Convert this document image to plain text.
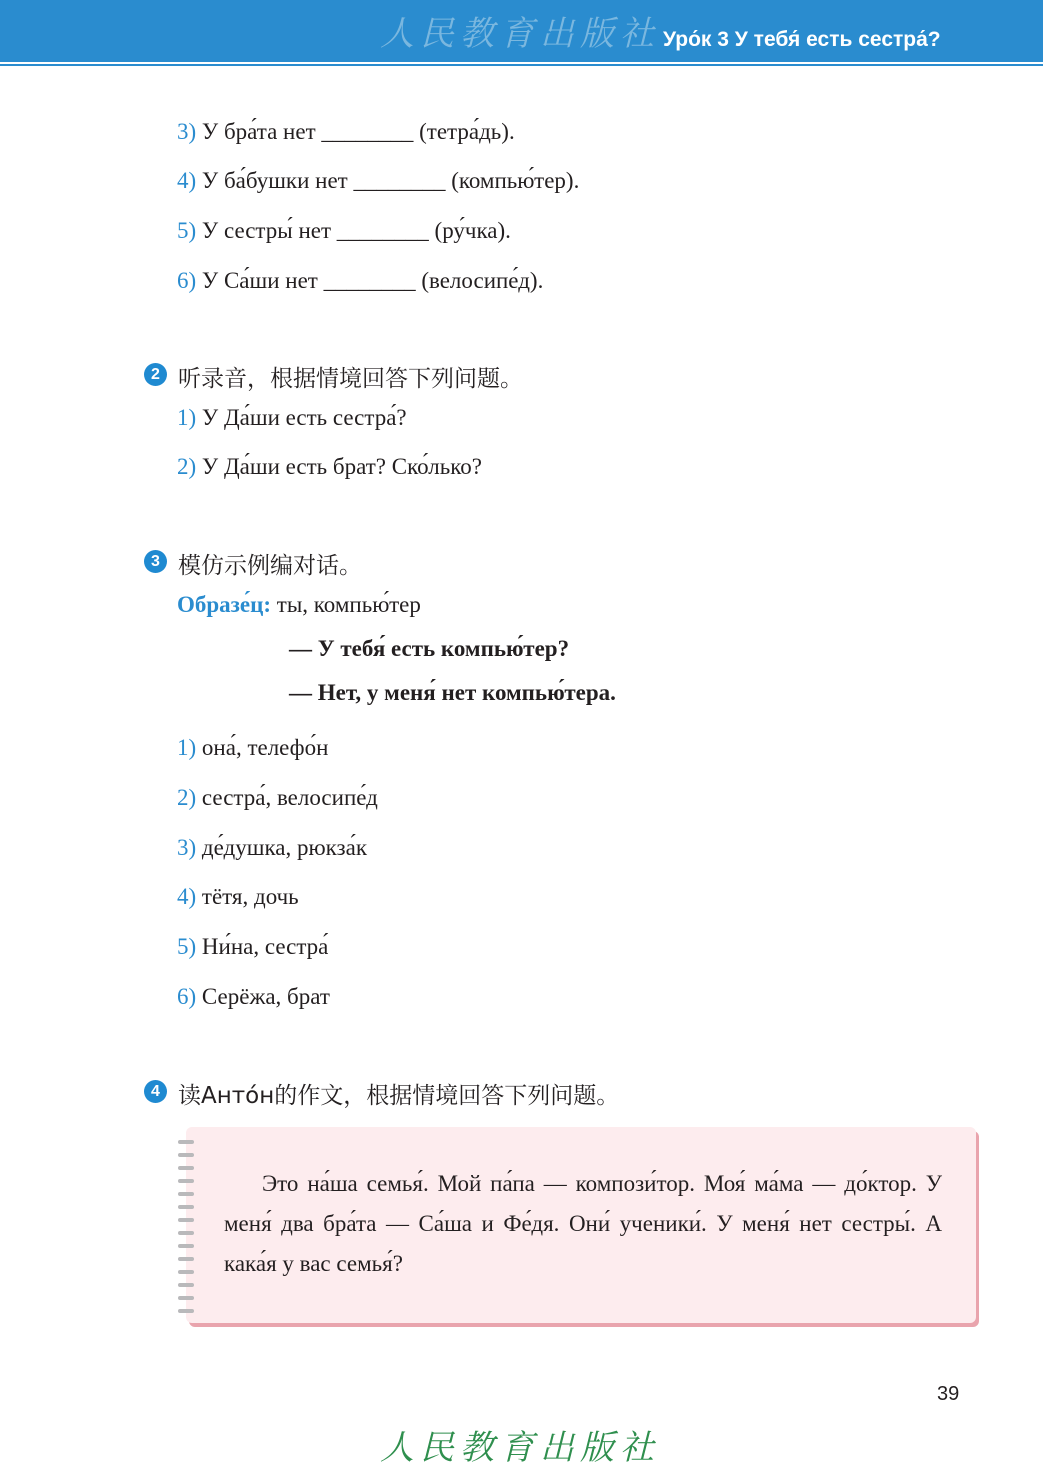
人民教育出版社 Уро́к 3 У тебя́ есть сестра́?
3) У бра́та нет ________ (тетра́дь).
4) У ба́бушки нет ________ (компью́тер).
5) У сестры́ нет ________ (ру́чка).
6) У Са́ши нет ________ (велосипе́д).
2 听录音，根据情境回答下列问题。
1) У Да́ши есть сестра́?
2) У Да́ши есть брат? Ско́лько?
3 模仿示例编对话。
Образе́ц: ты, компью́тер
— У тебя́ есть компью́тер?
— Нет, у меня́ нет компью́тера.
1) она́, телефо́н
2) сестра́, велосипе́д
3) де́душка, рюкза́к
4) тётя, дочь
5) Ни́на, сестра́
6) Серёжа, брат
4 读Анто́н的作文，根据情境回答下列问题。
Это на́ша семья́. Мой па́па — компози́тор. Моя́ ма́ма — до́ктор. У меня́ два бра́та — Са́ша и Фе́дя. Они́ ученики́. У меня́ нет сестры́. А кака́я у вас семья́?
39
人民教育出版社
